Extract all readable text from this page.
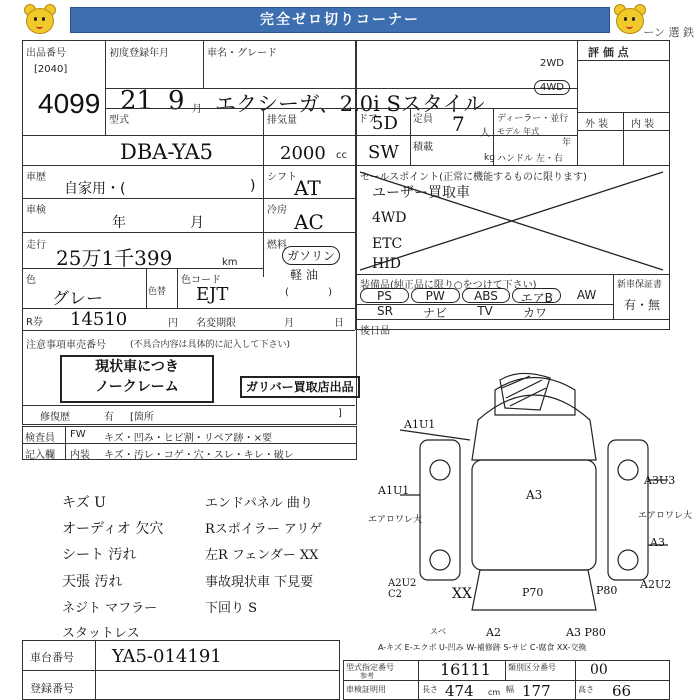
完全ゼロ切りコーナー
ーン 選 鉄
出品番号
[2040]
4099
初度登録年月
21 9 月
車名・グレード
エクシーガ、2.0i Sスタイル
2WD
4WD
評 価 点
外 装 内 装
型式
DBA-YA5
排気量
2000 cc
ドア
5D 定員 7 人
SW 積載
kg
ディーラー・並行
モデル 年式
年
ハンドル 左・右
車歴
自家用・(	)
シフト
AT
車検
年	月
冷房 AC
走行
25万1千399	km
燃料
ガソリン
軽 油
( )
色
グレー	色替
色コード
EJT
R券 14510	円 名変期限	月	日
注意事項車売番号	(不具合内容は具体的に記入して下さい)
現状車につき
ノークレーム	ガリバー買取店出品
修復歴	有 [箇所	]
検査員
記入欄
FW キズ・凹み・ヒビ割・リペア跡・×要
内装 キズ・汚レ・コゲ・穴・スレ・キレ・破レ
セールスポイント(正常に機能するものに限ります)
ユーザー買取車
4WD
ETC
HID
装備品(純正品に限り○をつけて下さい)	新車保証書
有・無
PS	PW	ABS	エアB	AW
SR	ナビ	TV	カワ
後日品
キズ U
オーディオ 欠穴
シート 汚れ
天張 汚れ
ネジト マフラー
スタットレス
エンドパネル 曲り
Rスポイラー アリゲ
左R フェンダー XX
事故現状車 下見要
下回り S
A1U1
A1U1	A3
A3U3
エアロワレ大	エアロワレ大
A3
A2U2 C2	XX	P70	P80 A2U2
A2	A3 P80
スベ
A-キズ E-エクボ U-凹み W-補修跡 S-サビ C-腐食 XX-交換
車台番号 YA5-014191
登録番号
型式指定番号
参考	16111 類別区分番号 00
車検証明用	長さ 474 cm 幅 177	高さ 66
